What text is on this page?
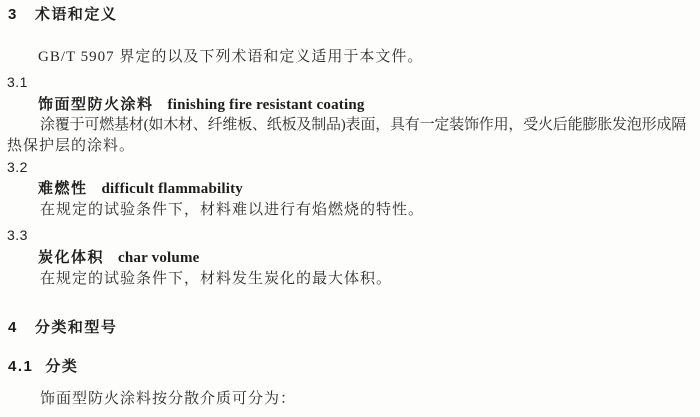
3 术语和定义
GB/T 5907 界定的以及下列术语和定义适用于本文件。
3.1
饰面型防火涂料 finishing fire resistant coating
涂覆于可燃基材(如木材、纤维板、纸板及制品)表面，具有一定装饰作用，受火后能膨胀发泡形成隔
热保护层的涂料。
3.2
难燃性 difficult flammability
在规定的试验条件下，材料难以进行有焰燃烧的特性。
3.3
炭化体积 char volume
在规定的试验条件下，材料发生炭化的最大体积。
4 分类和型号
4.1 分类
饰面型防火涂料按分散介质可分为：
